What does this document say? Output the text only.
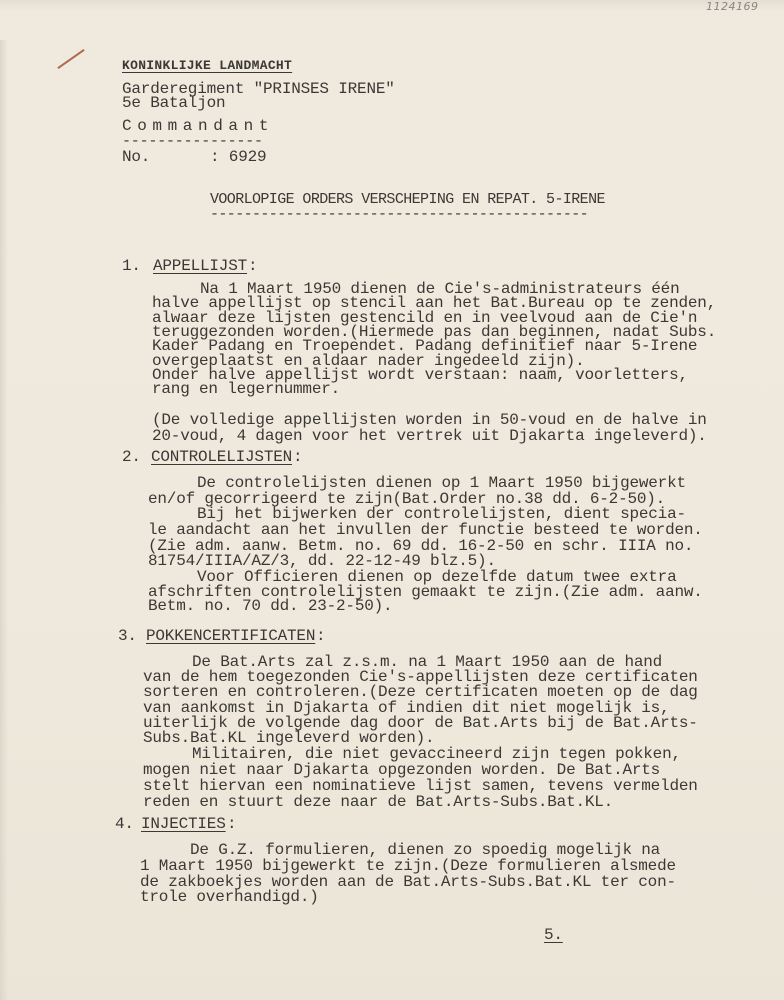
1124169
KONINKLIJKE LANDMACHT
Garderegiment "PRINSES IRENE"
5e Bataljon
Commandant
----------------
No.	: 6929
VOORLOPIGE ORDERS VERSCHEPING EN REPAT. 5-IRENE
---------------------------------------------
1. APPELLIJST
Na 1 Maart 1950 dienen de Cie's-administrateurs één
halve appellijst op stencil aan het Bat.Bureau op te zenden,
alwaar deze lijsten gestencild en in veelvoud aan de Cie'n
teruggezonden worden.(Hiermede pas dan beginnen, nadat Subs.
Kader Padang en Troependet. Padang definitief naar 5-Irene
overgeplaatst en aldaar nader ingedeeld zijn).
Onder halve appellijst wordt verstaan: naam, voorletters,
rang en legernummer.
(De volledige appellijsten worden in 50-voud en de halve in
20-voud, 4 dagen voor het vertrek uit Djakarta ingeleverd).
2. CONTROLELIJSTEN
De controlelijsten dienen op 1 Maart 1950 bijgewerkt
en/of gecorrigeerd te zijn(Bat.Order no.38 dd. 6-2-50).
Bij het bijwerken der controlelijsten, dient specia-
le aandacht aan het invullen der functie besteed te worden.
(Zie adm. aanw. Betm. no. 69 dd. 16-2-50 en schr. IIIA no.
81754/IIIA/AZ/3, dd. 22-12-49 blz.5).
Voor Officieren dienen op dezelfde datum twee extra
afschriften controlelijsten gemaakt te zijn.(Zie adm. aanw.
Betm. no. 70 dd. 23-2-50).
3. POKKENCERTIFICATEN
De Bat.Arts zal z.s.m. na 1 Maart 1950 aan de hand
van de hem toegezonden Cie's-appellijsten deze certificaten
sorteren en controleren.(Deze certificaten moeten op de dag
van aankomst in Djakarta of indien dit niet mogelijk is,
uiterlijk de volgende dag door de Bat.Arts bij de Bat.Arts-
Subs.Bat.KL ingeleverd worden).
Militairen, die niet gevaccineerd zijn tegen pokken,
mogen niet naar Djakarta opgezonden worden. De Bat.Arts
stelt hiervan een nominatieve lijst samen, tevens vermelden
reden en stuurt deze naar de Bat.Arts-Subs.Bat.KL.
4. INJECTIES
De G.Z. formulieren, dienen zo spoedig mogelijk na
1 Maart 1950 bijgewerkt te zijn.(Deze formulieren alsmede
de zakboekjes worden aan de Bat.Arts-Subs.Bat.KL ter con-
trole overhandigd.)
5.
:
:
:
:
